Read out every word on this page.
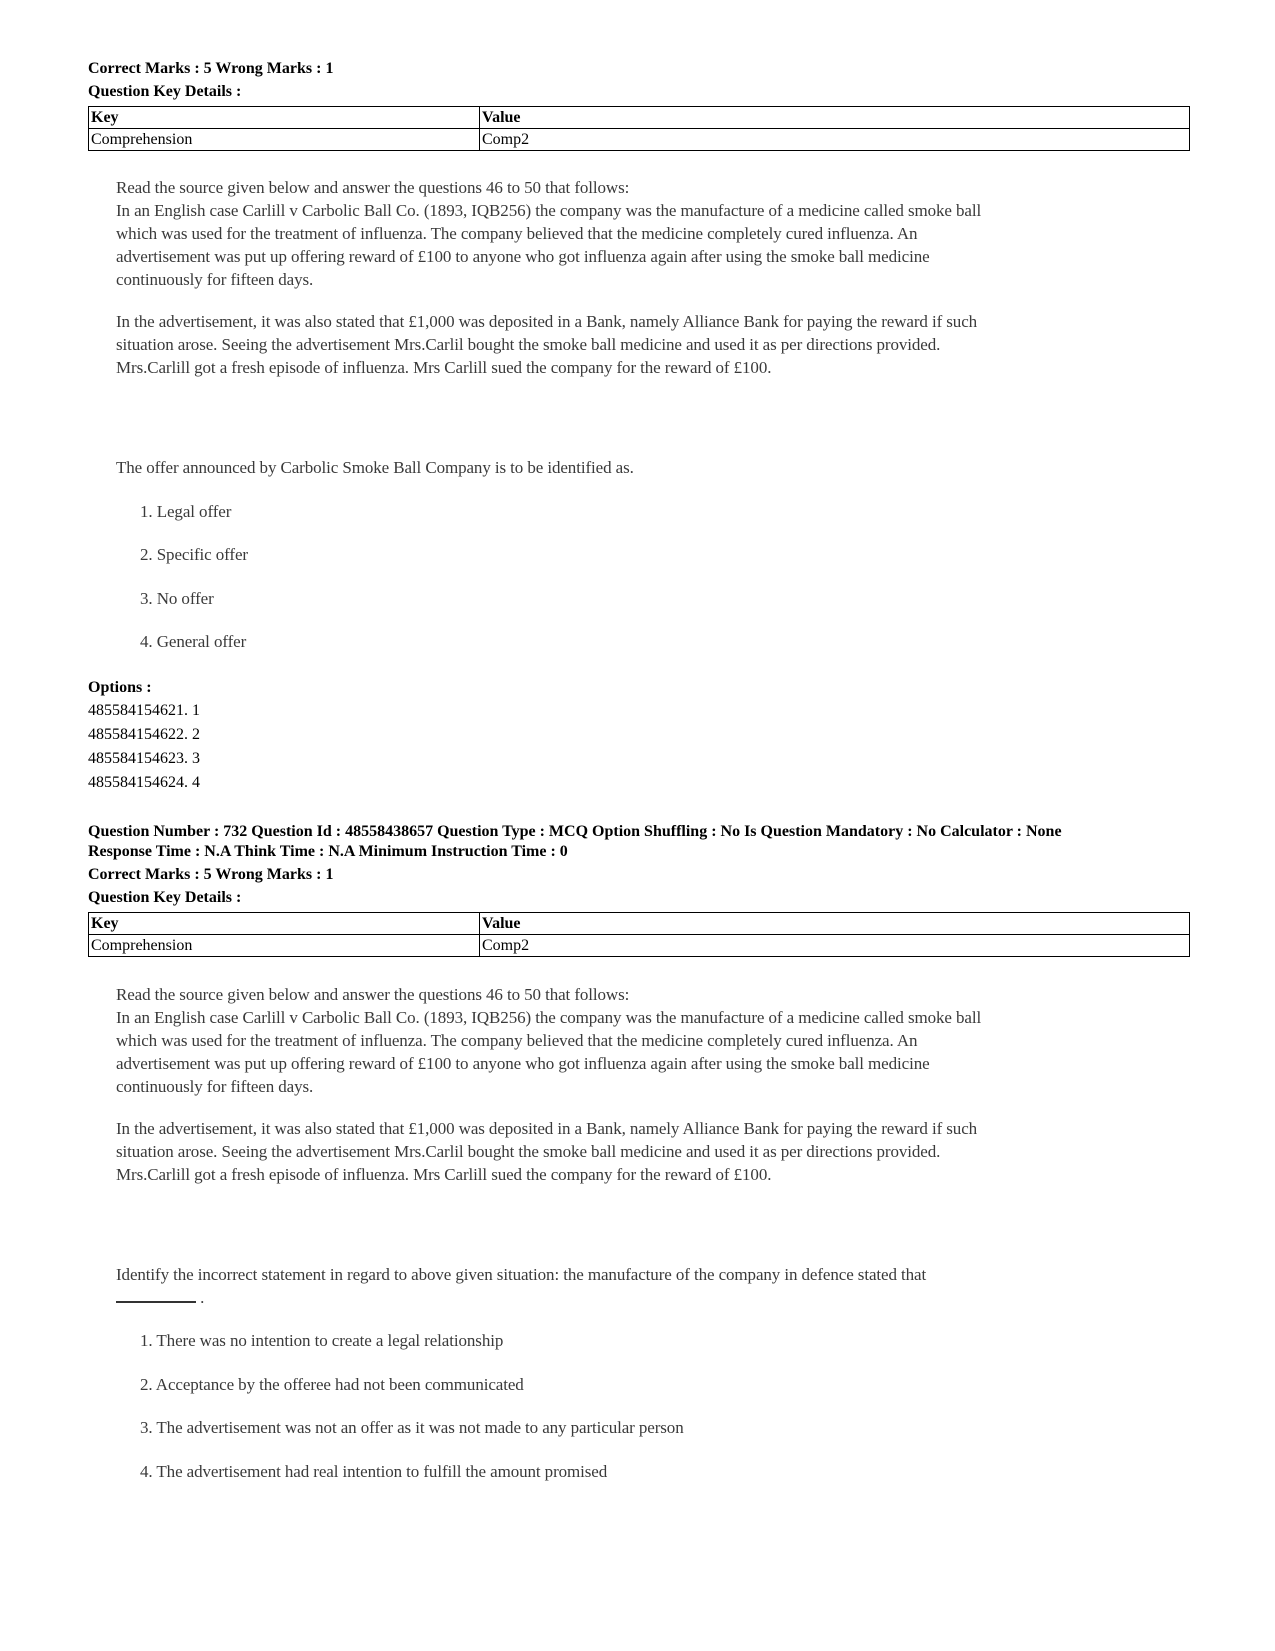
Correct Marks : 5 Wrong Marks : 1
Question Key Details :
Key	Value
Comprehension	Comp2

Read the source given below and answer the questions 46 to 50 that follows:

In an English case Carlill v Carbolic Ball Co. (1893, IQB256) the company was the manufacture of a medicine called smoke ball which was used for the treatment of influenza. The company believed that the medicine completely cured influenza. An advertisement was put up offering reward of £100 to anyone who got influenza again after using the smoke ball medicine continuously for fifteen days.

In the advertisement, it was also stated that £1,000 was deposited in a Bank, namely Alliance Bank for paying the reward if such situation arose. Seeing the advertisement Mrs.Carlil bought the smoke ball medicine and used it as per directions provided. Mrs.Carlill got a fresh episode of influenza. Mrs Carlill sued the company for the reward of £100.

The offer announced by Carbolic Smoke Ball Company is to be identified as.

1. Legal offer

2. Specific offer

3. No offer

4. General offer

Options :
485584154621. 1
485584154622. 2
485584154623. 3
485584154624. 4
Question Number : 732 Question Id : 48558438657 Question Type : MCQ Option Shuffling : No Is Question Mandatory : No Calculator : None
Response Time : N.A Think Time : N.A Minimum Instruction Time : 0
Correct Marks : 5 Wrong Marks : 1
Question Key Details :
Key	Value
Comprehension	Comp2

Read the source given below and answer the questions 46 to 50 that follows:

In an English case Carlill v Carbolic Ball Co. (1893, IQB256) the company was the manufacture of a medicine called smoke ball which was used for the treatment of influenza. The company believed that the medicine completely cured influenza. An advertisement was put up offering reward of £100 to anyone who got influenza again after using the smoke ball medicine continuously for fifteen days.

In the advertisement, it was also stated that £1,000 was deposited in a Bank, namely Alliance Bank for paying the reward if such situation arose. Seeing the advertisement Mrs.Carlil bought the smoke ball medicine and used it as per directions provided. Mrs.Carlill got a fresh episode of influenza. Mrs Carlill sued the company for the reward of £100.

Identify the incorrect statement in regard to above given situation: the manufacture of the company in defence stated that  .

1. There was no intention to create a legal relationship

2. Acceptance by the offeree had not been communicated

3. The advertisement was not an offer as it was not made to any particular person

4. The advertisement had real intention to fulfill the amount promised
